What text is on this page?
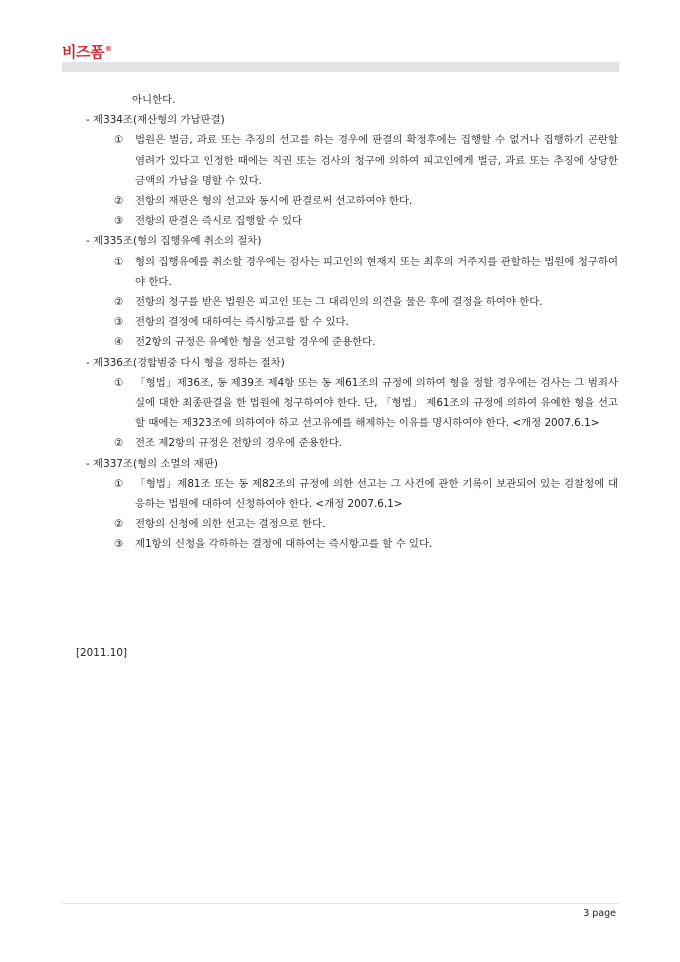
비즈폼®
아니한다.
- 제334조(재산형의 가납판결)
① 법원은 벌금, 과료 또는 추징의 선고를 하는 경우에 판결의 확정후에는 집행할 수 없거나 집행하기 곤란할 염려가 있다고 인정한 때에는 직권 또는 검사의 청구에 의하여 피고인에게 벌금, 과료 또는 추징에 상당한 금액의 가납을 명할 수 있다.
② 전항의 재판은 형의 선고와 동시에 판결로써 선고하여야 한다.
③ 전항의 판결은 즉시로 집행할 수 있다
- 제335조(형의 집행유예 취소의 절차)
① 형의 집행유예를 취소할 경우에는 검사는 피고인의 현재지 또는 최후의 거주지를 관할하는 법원에 청구하여야 한다.
② 전항의 청구를 받은 법원은 피고인 또는 그 대리인의 의견을 물은 후에 결정을 하여야 한다.
③ 전항의 결정에 대하여는 즉시항고를 할 수 있다.
④ 전2항의 규정은 유예한 형을 선고할 경우에 준용한다.
- 제336조(경합범중 다시 형을 정하는 절차)
① 「형법」제36조, 동 제39조 제4항 또는 동 제61조의 규정에 의하여 형을 정할 경우에는 검사는 그 범죄사실에 대한 최종판결을 한 법원에 청구하여야 한다. 단, 「형법」 제61조의 규정에 의하여 유예한 형을 선고할 때에는 제323조에 의하여야 하고 선고유예를 해제하는 이유를 명시하여야 한다. <개정 2007.6.1>
② 전조 제2항의 규정은 전항의 경우에 준용한다.
- 제337조(형의 소멸의 재판)
① 「형법」제81조 또는 동 제82조의 규정에 의한 선고는 그 사건에 관한 기록이 보관되어 있는 검찰청에 대응하는 법원에 대하여 신청하여야 한다. <개정 2007.6.1>
② 전항의 신청에 의한 선고는 결정으로 한다.
③ 제1항의 신청을 각하하는 결정에 대하여는 즉시항고를 할 수 있다.
[2011.10]
3 page
